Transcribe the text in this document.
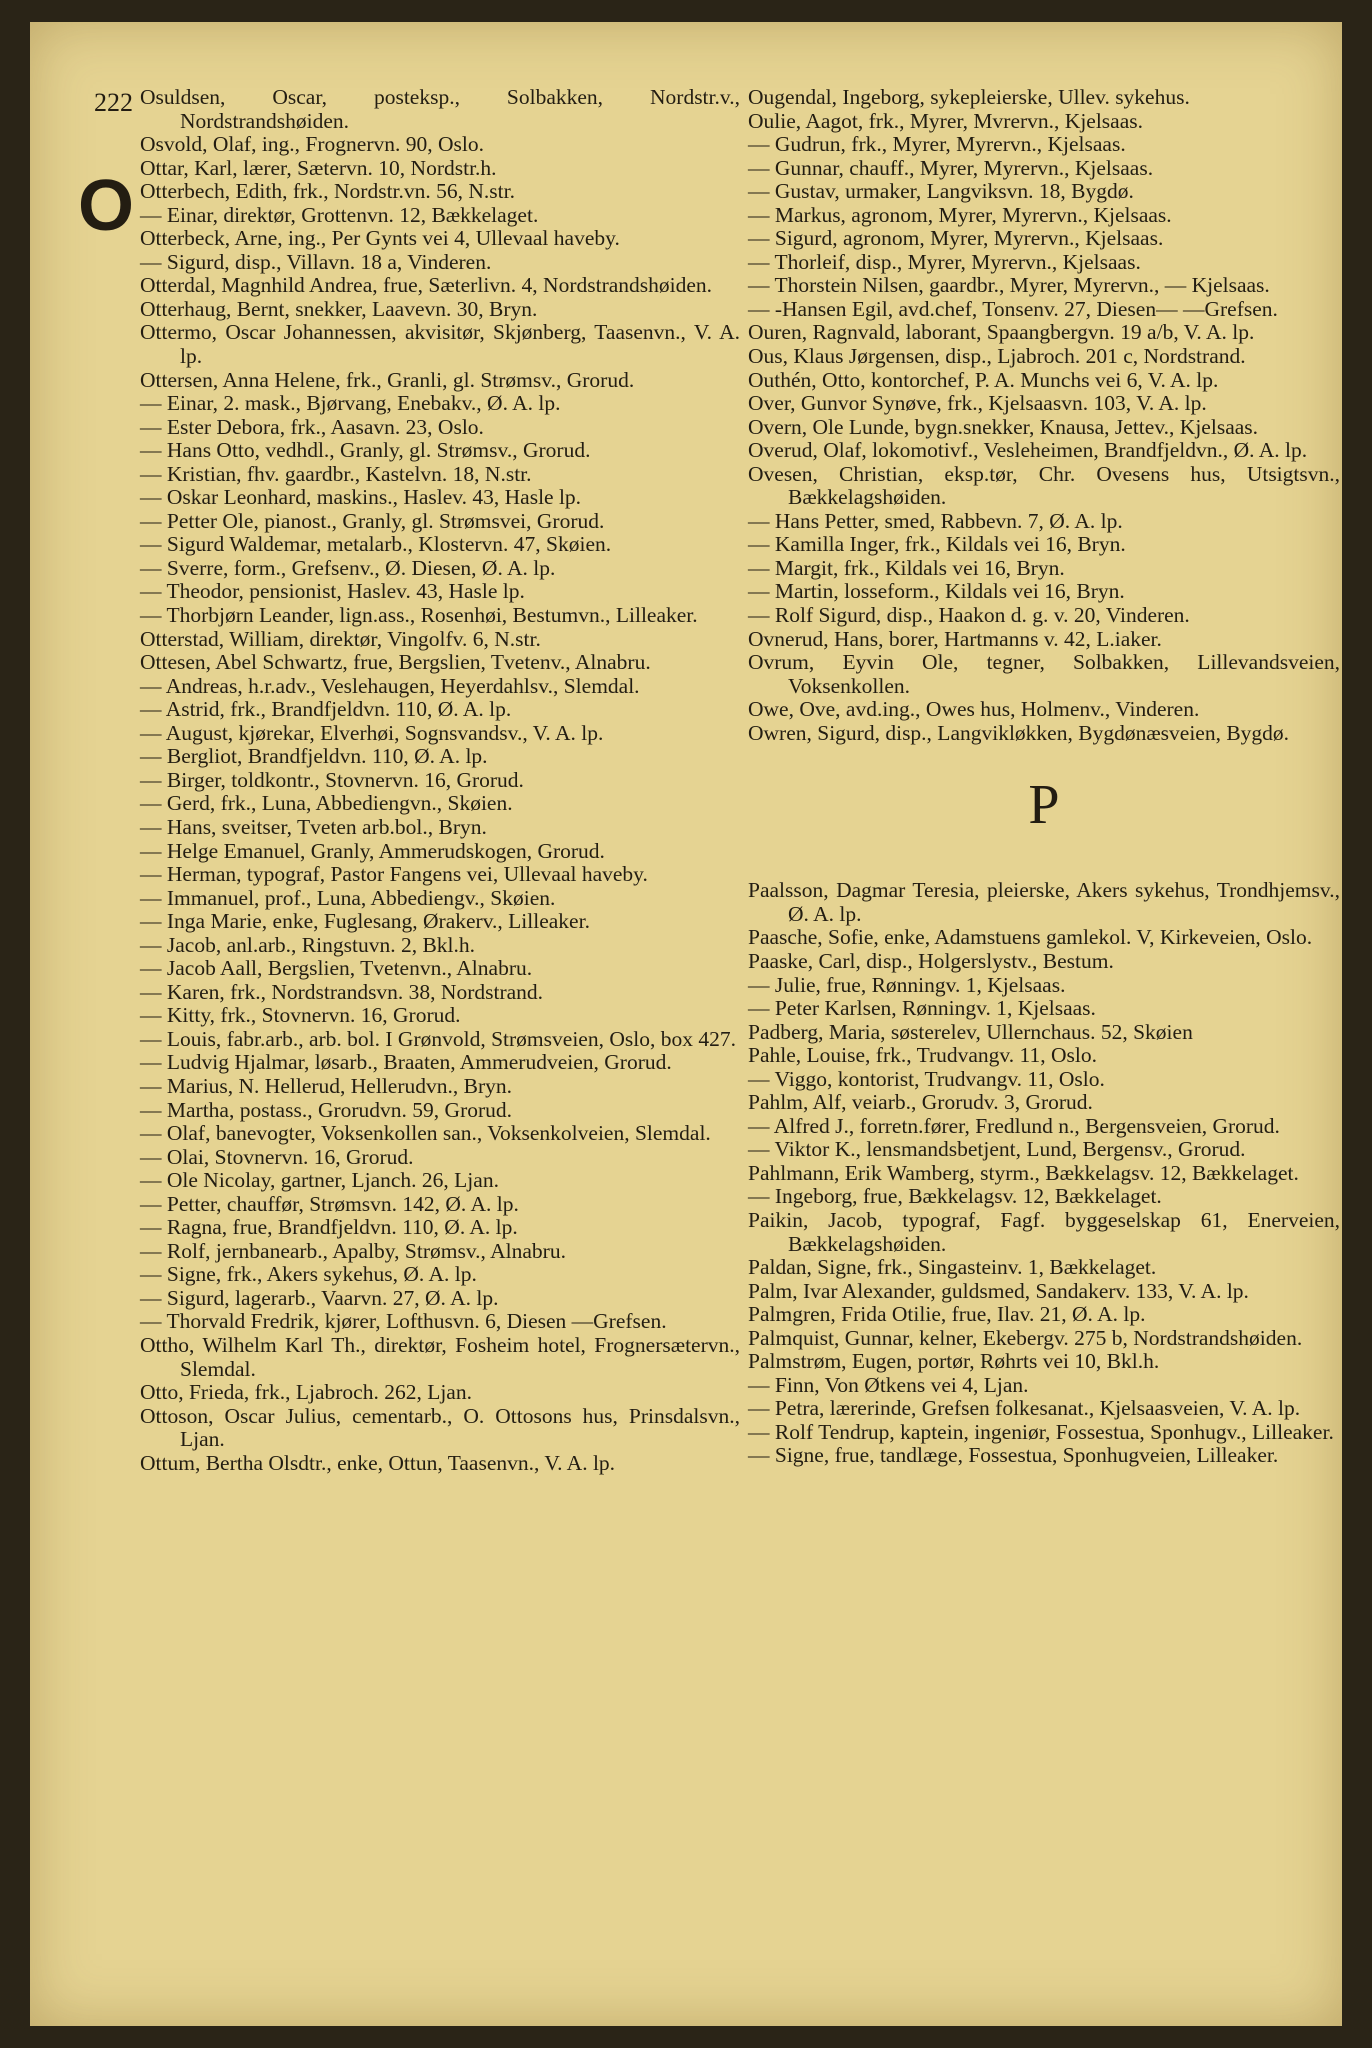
222
O
Osuldsen, Oscar, posteksp., Solbakken, Nordstr.v., Nordstrandshøiden.
Osvold, Olaf, ing., Frognervn. 90, Oslo.
Ottar, Karl, lærer, Sætervn. 10, Nordstr.h.
Otterbech, Edith, frk., Nordstr.vn. 56, N.str.
— Einar, direktør, Grottenvn. 12, Bækkelaget.
Otterbeck, Arne, ing., Per Gynts vei 4, Ullevaal haveby.
— Sigurd, disp., Villavn. 18 a, Vinderen.
Otterdal, Magnhild Andrea, frue, Sæterlivn. 4, Nordstrandshøiden.
Otterhaug, Bernt, snekker, Laavevn. 30, Bryn.
Ottermo, Oscar Johannessen, akvisitør, Skjønberg, Taasenvn., V. A. lp.
Ottersen, Anna Helene, frk., Granli, gl. Strømsv., Grorud.
— Einar, 2. mask., Bjørvang, Enebakv., Ø. A. lp.
— Ester Debora, frk., Aasavn. 23, Oslo.
— Hans Otto, vedhdl., Granly, gl. Strømsv., Grorud.
— Kristian, fhv. gaardbr., Kastelvn. 18, N.str.
— Oskar Leonhard, maskins., Haslev. 43, Hasle lp.
— Petter Ole, pianost., Granly, gl. Strømsvei, Grorud.
— Sigurd Waldemar, metalarb., Klostervn. 47, Skøien.
— Sverre, form., Grefsenv., Ø. Diesen, Ø. A. lp.
— Theodor, pensionist, Haslev. 43, Hasle lp.
— Thorbjørn Leander, lign.ass., Rosenhøi, Bestumvn., Lilleaker.
Otterstad, William, direktør, Vingolfv. 6, N.str.
Ottesen, Abel Schwartz, frue, Bergslien, Tvetenv., Alnabru.
— Andreas, h.r.adv., Veslehaugen, Heyerdahlsv., Slemdal.
— Astrid, frk., Brandfjeldvn. 110, Ø. A. lp.
— August, kjørekar, Elverhøi, Sognsvandsv., V. A. lp.
— Bergliot, Brandfjeldvn. 110, Ø. A. lp.
— Birger, toldkontr., Stovnervn. 16, Grorud.
— Gerd, frk., Luna, Abbediengvn., Skøien.
— Hans, sveitser, Tveten arb.bol., Bryn.
— Helge Emanuel, Granly, Ammerudskogen, Grorud.
— Herman, typograf, Pastor Fangens vei, Ullevaal haveby.
— Immanuel, prof., Luna, Abbediengv., Skøien.
— Inga Marie, enke, Fuglesang, Ørakerv., Lilleaker.
— Jacob, anl.arb., Ringstuvn. 2, Bkl.h.
— Jacob Aall, Bergslien, Tvetenvn., Alnabru.
— Karen, frk., Nordstrandsvn. 38, Nordstrand.
— Kitty, frk., Stovnervn. 16, Grorud.
— Louis, fabr.arb., arb. bol. I Grønvold, Strømsveien, Oslo, box 427.
— Ludvig Hjalmar, løsarb., Braaten, Ammerudveien, Grorud.
— Marius, N. Hellerud, Hellerudvn., Bryn.
— Martha, postass., Grorudvn. 59, Grorud.
— Olaf, banevogter, Voksenkollen san., Voksenkolveien, Slemdal.
— Olai, Stovnervn. 16, Grorud.
— Ole Nicolay, gartner, Ljanch. 26, Ljan.
— Petter, chauffør, Strømsvn. 142, Ø. A. lp.
— Ragna, frue, Brandfjeldvn. 110, Ø. A. lp.
— Rolf, jernbanearb., Apalby, Strømsv., Alnabru.
— Signe, frk., Akers sykehus, Ø. A. lp.
— Sigurd, lagerarb., Vaarvn. 27, Ø. A. lp.
— Thorvald Fredrik, kjører, Lofthusvn. 6, Diesen —Grefsen.
Ottho, Wilhelm Karl Th., direktør, Fosheim hotel, Frognersætervn., Slemdal.
Otto, Frieda, frk., Ljabroch. 262, Ljan.
Ottoson, Oscar Julius, cementarb., O. Ottosons hus, Prinsdalsvn., Ljan.
Ottum, Bertha Olsdtr., enke, Ottun, Taasenvn., V. A. lp.
Ougendal, Ingeborg, sykepleierske, Ullev. sykehus.
Oulie, Aagot, frk., Myrer, Mvrervn., Kjelsaas.
— Gudrun, frk., Myrer, Myrervn., Kjelsaas.
— Gunnar, chauff., Myrer, Myrervn., Kjelsaas.
— Gustav, urmaker, Langviksvn. 18, Bygdø.
— Markus, agronom, Myrer, Myrervn., Kjelsaas.
— Sigurd, agronom, Myrer, Myrervn., Kjelsaas.
— Thorleif, disp., Myrer, Myrervn., Kjelsaas.
— Thorstein Nilsen, gaardbr., Myrer, Myrervn., — Kjelsaas.
— -Hansen Egil, avd.chef, Tonsenv. 27, Diesen— —Grefsen.
Ouren, Ragnvald, laborant, Spaangbergvn. 19 a/b, V. A. lp.
Ous, Klaus Jørgensen, disp., Ljabroch. 201 c, Nordstrand.
Outhén, Otto, kontorchef, P. A. Munchs vei 6, V. A. lp.
Over, Gunvor Synøve, frk., Kjelsaasvn. 103, V. A. lp.
Overn, Ole Lunde, bygn.snekker, Knausa, Jettev., Kjelsaas.
Overud, Olaf, lokomotivf., Vesleheimen, Brandfjeldvn., Ø. A. lp.
Ovesen, Christian, eksp.tør, Chr. Ovesens hus, Utsigtsvn., Bækkelagshøiden.
— Hans Petter, smed, Rabbevn. 7, Ø. A. lp.
— Kamilla Inger, frk., Kildals vei 16, Bryn.
— Margit, frk., Kildals vei 16, Bryn.
— Martin, losseform., Kildals vei 16, Bryn.
— Rolf Sigurd, disp., Haakon d. g. v. 20, Vinderen.
Ovnerud, Hans, borer, Hartmanns v. 42, L.iaker.
Ovrum, Eyvin Ole, tegner, Solbakken, Lillevandsveien, Voksenkollen.
Owe, Ove, avd.ing., Owes hus, Holmenv., Vinderen.
Owren, Sigurd, disp., Langvikløkken, Bygdønæsveien, Bygdø.
P
Paalsson, Dagmar Teresia, pleierske, Akers sykehus, Trondhjemsv., Ø. A. lp.
Paasche, Sofie, enke, Adamstuens gamlekol. V, Kirkeveien, Oslo.
Paaske, Carl, disp., Holgerslystv., Bestum.
— Julie, frue, Rønningv. 1, Kjelsaas.
— Peter Karlsen, Rønningv. 1, Kjelsaas.
Padberg, Maria, søsterelev, Ullernchaus. 52, Skøien
Pahle, Louise, frk., Trudvangv. 11, Oslo.
— Viggo, kontorist, Trudvangv. 11, Oslo.
Pahlm, Alf, veiarb., Grorudv. 3, Grorud.
— Alfred J., forretn.fører, Fredlund n., Bergensveien, Grorud.
— Viktor K., lensmandsbetjent, Lund, Bergensv., Grorud.
Pahlmann, Erik Wamberg, styrm., Bækkelagsv. 12, Bækkelaget.
— Ingeborg, frue, Bækkelagsv. 12, Bækkelaget.
Paikin, Jacob, typograf, Fagf. byggeselskap 61, Enerveien, Bækkelagshøiden.
Paldan, Signe, frk., Singasteinv. 1, Bækkelaget.
Palm, Ivar Alexander, guldsmed, Sandakerv. 133, V. A. lp.
Palmgren, Frida Otilie, frue, Ilav. 21, Ø. A. lp.
Palmquist, Gunnar, kelner, Ekebergv. 275 b, Nordstrandshøiden.
Palmstrøm, Eugen, portør, Røhrts vei 10, Bkl.h.
— Finn, Von Øtkens vei 4, Ljan.
— Petra, lærerinde, Grefsen folkesanat., Kjelsaasveien, V. A. lp.
— Rolf Tendrup, kaptein, ingeniør, Fossestua, Sponhugv., Lilleaker.
— Signe, frue, tandlæge, Fossestua, Sponhugveien, Lilleaker.
